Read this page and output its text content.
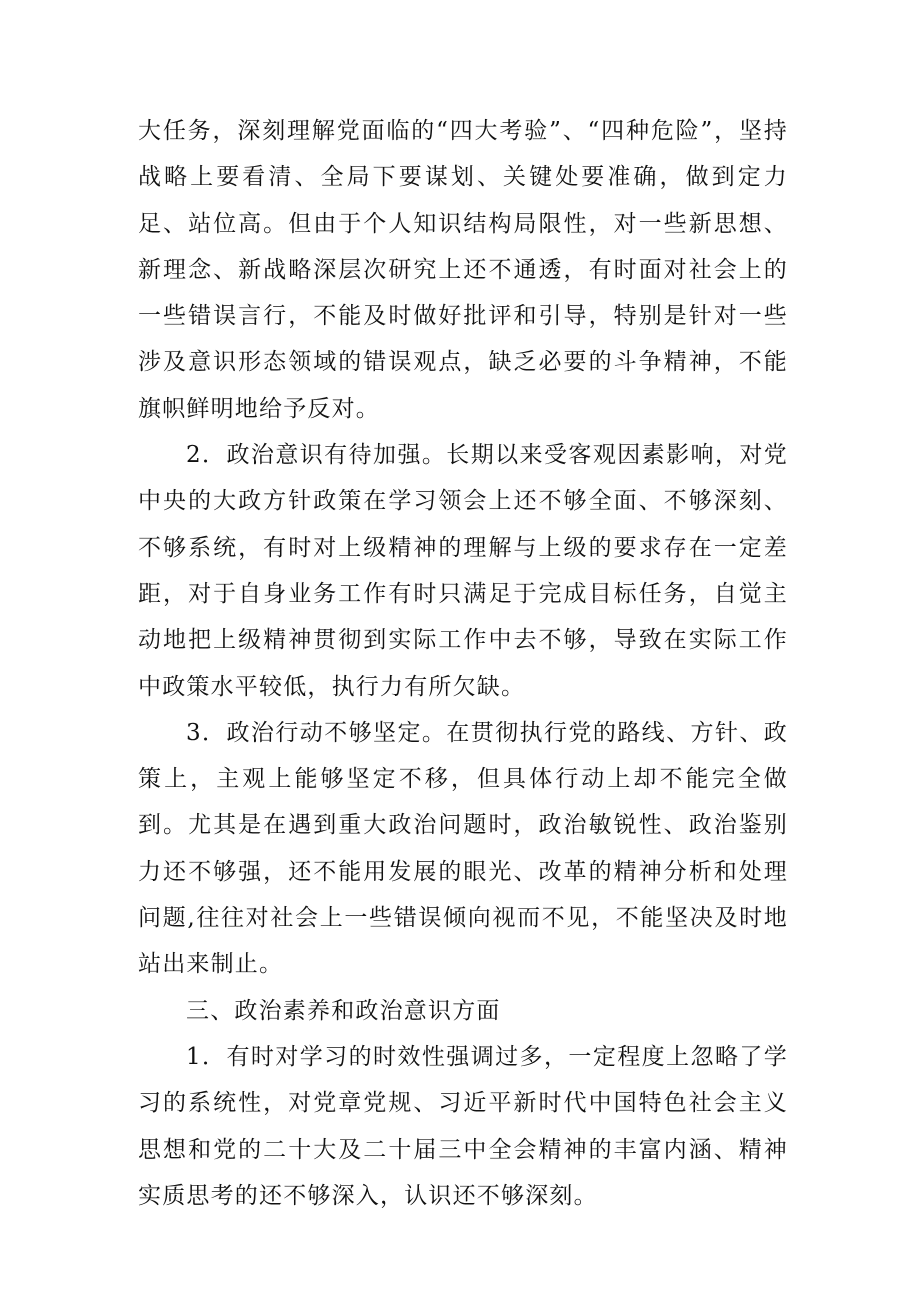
大任务，深刻理解党面临的“四大考验”、“四种危险”，坚持战略上要看清、全局下要谋划、关键处要准确，做到定力足、站位高。但由于个人知识结构局限性，对一些新思想、新理念、新战略深层次研究上还不通透，有时面对社会上的一些错误言行，不能及时做好批评和引导，特别是针对一些涉及意识形态领域的错误观点，缺乏必要的斗争精神，不能旗帜鲜明地给予反对。

2．政治意识有待加强。长期以来受客观因素影响，对党中央的大政方针政策在学习领会上还不够全面、不够深刻、不够系统，有时对上级精神的理解与上级的要求存在一定差距，对于自身业务工作有时只满足于完成目标任务，自觉主动地把上级精神贯彻到实际工作中去不够，导致在实际工作中政策水平较低，执行力有所欠缺。

3．政治行动不够坚定。在贯彻执行党的路线、方针、政策上，主观上能够坚定不移，但具体行动上却不能完全做到。尤其是在遇到重大政治问题时，政治敏锐性、政治鉴别力还不够强，还不能用发展的眼光、改革的精神分析和处理问题,往往对社会上一些错误倾向视而不见，不能坚决及时地站出来制止。

三、政治素养和政治意识方面

1．有时对学习的时效性强调过多，一定程度上忽略了学习的系统性，对党章党规、习近平新时代中国特色社会主义思想和党的二十大及二十届三中全会精神的丰富内涵、精神实质思考的还不够深入，认识还不够深刻。
